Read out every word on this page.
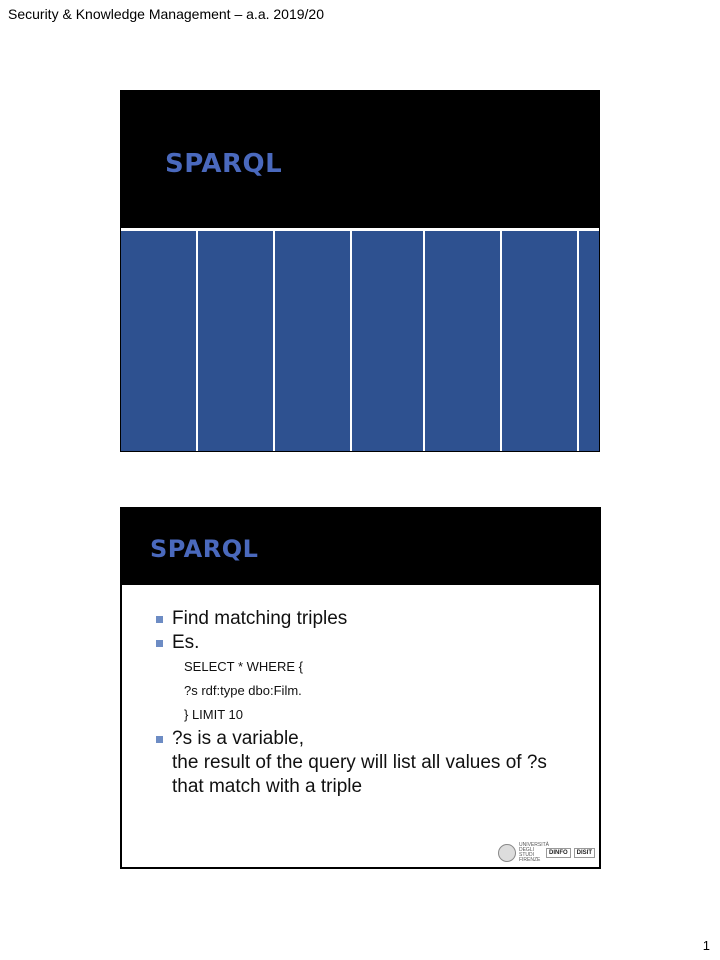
Security & Knowledge Management – a.a. 2019/20
SPARQL
SPARQL
Find matching triples
Es.
SELECT * WHERE {
?s rdf:type dbo:Film.
} LIMIT 10
?s is a variable,
the result of the query will list all values of ?s
that match with a triple
UNIVERSITÀ DEGLI STUDI FIRENZE
DINFO	DISIT
1
